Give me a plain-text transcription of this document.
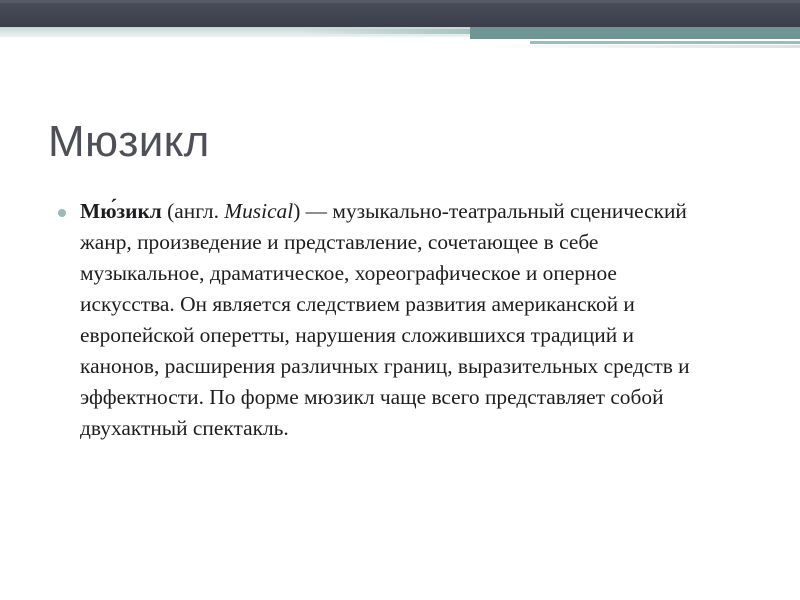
Мюзикл

Мюзикл (англ. Musical) — музыкально-театральный сценический жанр, произведение и представление, сочетающее в себе музыкальное, драматическое, хореографическое и оперное искусства. Он является следствием развития американской и европейской оперетты, нарушения сложившихся традиций и канонов, расширения различных границ, выразительных средств и эффектности. По форме мюзикл чаще всего представляет собой двухактный спектакль.
